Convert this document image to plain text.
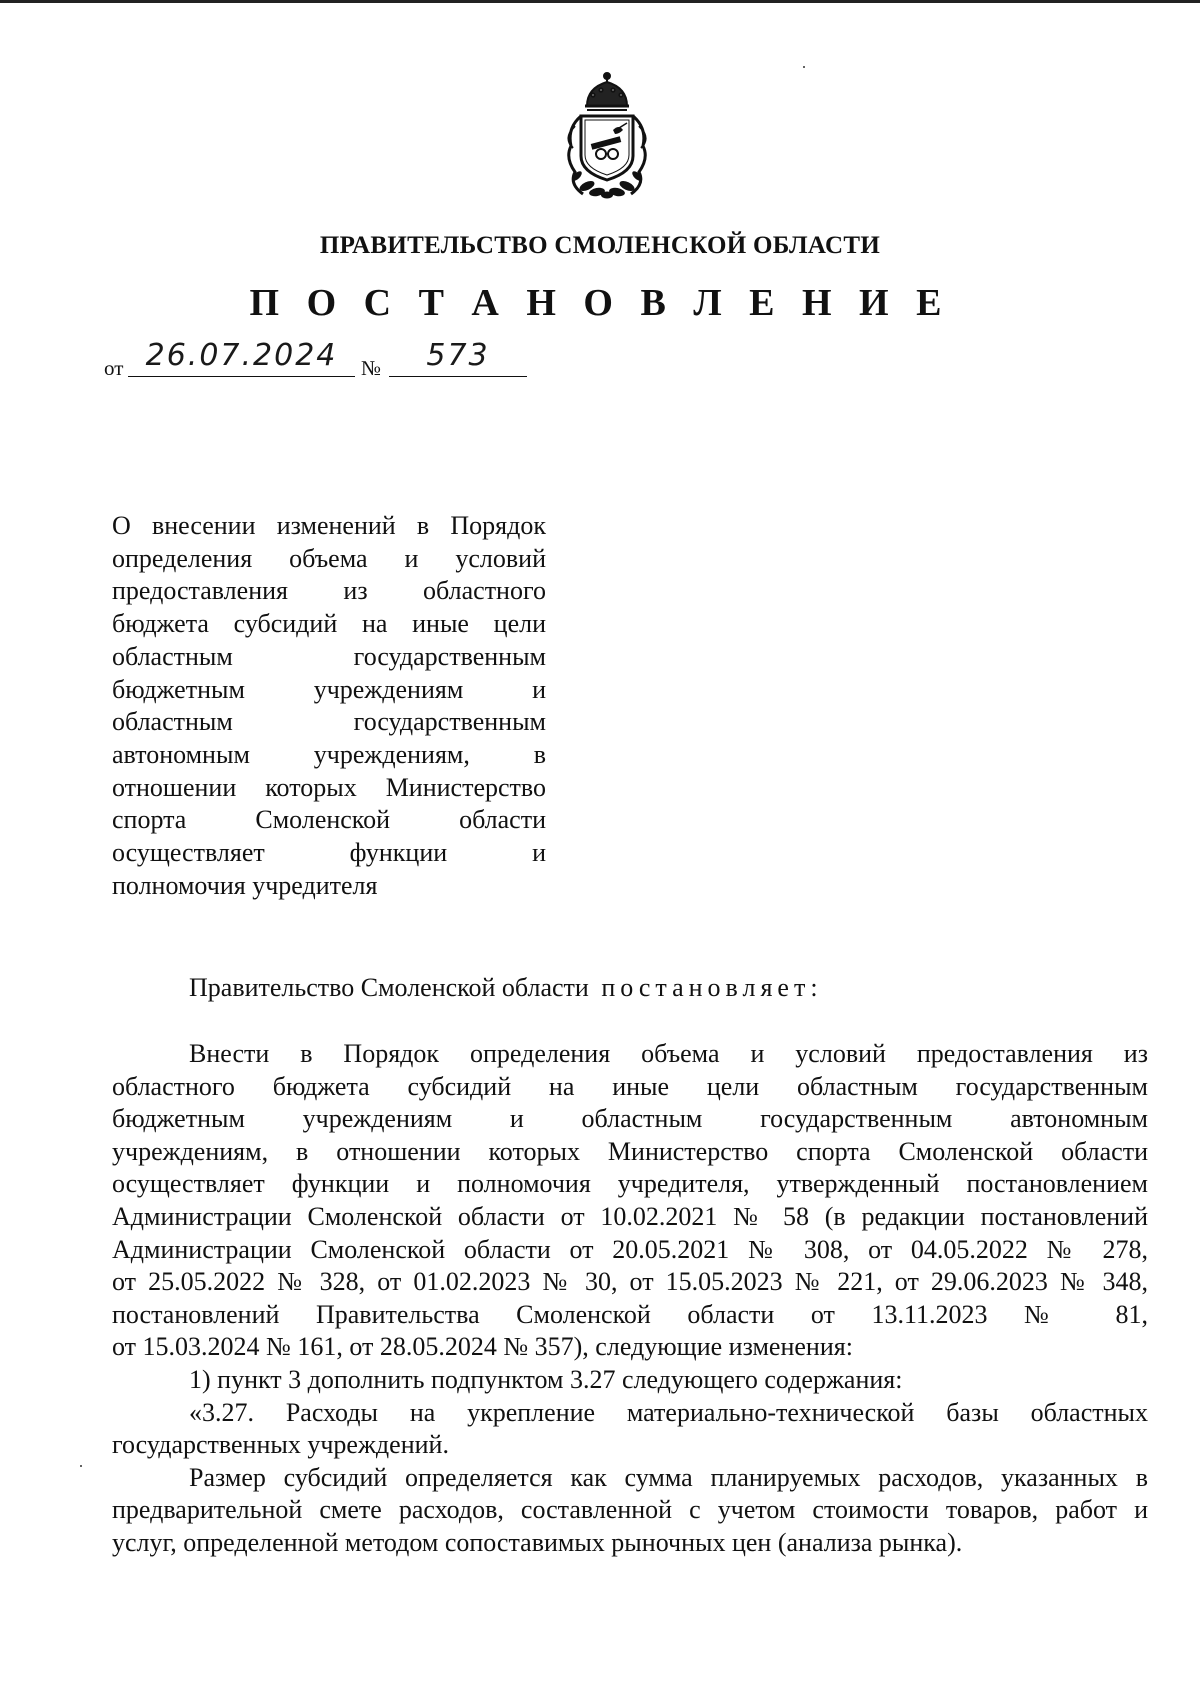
ПРАВИТЕЛЬСТВО СМОЛЕНСКОЙ ОБЛАСТИ
П О С Т А Н О В Л Е Н И Е
от 26.07.2024	№	573
О внесении изменений в Порядок
определения объема и условий
предоставления из областного
бюджета субсидий на иные цели
областным государственным
бюджетным учреждениям и
областным государственным
автономным учреждениям, в
отношении которых Министерство
спорта Смоленской области
осуществляет функции и
полномочия учредителя
Правительство Смоленской области постановляет:
Внести в Порядок определения объема и условий предоставления из
областного бюджета субсидий на иные цели областным государственным
бюджетным учреждениям и областным государственным автономным
учреждениям, в отношении которых Министерство спорта Смоленской области
осуществляет функции и полномочия учредителя, утвержденный постановлением
Администрации Смоленской области от 10.02.2021 № 58 (в редакции постановлений
Администрации Смоленской области от 20.05.2021 № 308, от 04.05.2022 № 278,
от 25.05.2022 № 328, от 01.02.2023 № 30, от 15.05.2023 № 221, от 29.06.2023 № 348,
постановлений Правительства Смоленской области от 13.11.2023 № 81,
от 15.03.2024 № 161, от 28.05.2024 № 357), следующие изменения:
1) пункт 3 дополнить подпунктом 3.27 следующего содержания:
«3.27. Расходы на укрепление материально-технической базы областных
государственных учреждений.
Размер субсидий определяется как сумма планируемых расходов, указанных в
предварительной смете расходов, составленной с учетом стоимости товаров, работ и
услуг, определенной методом сопоставимых рыночных цен (анализа рынка).
